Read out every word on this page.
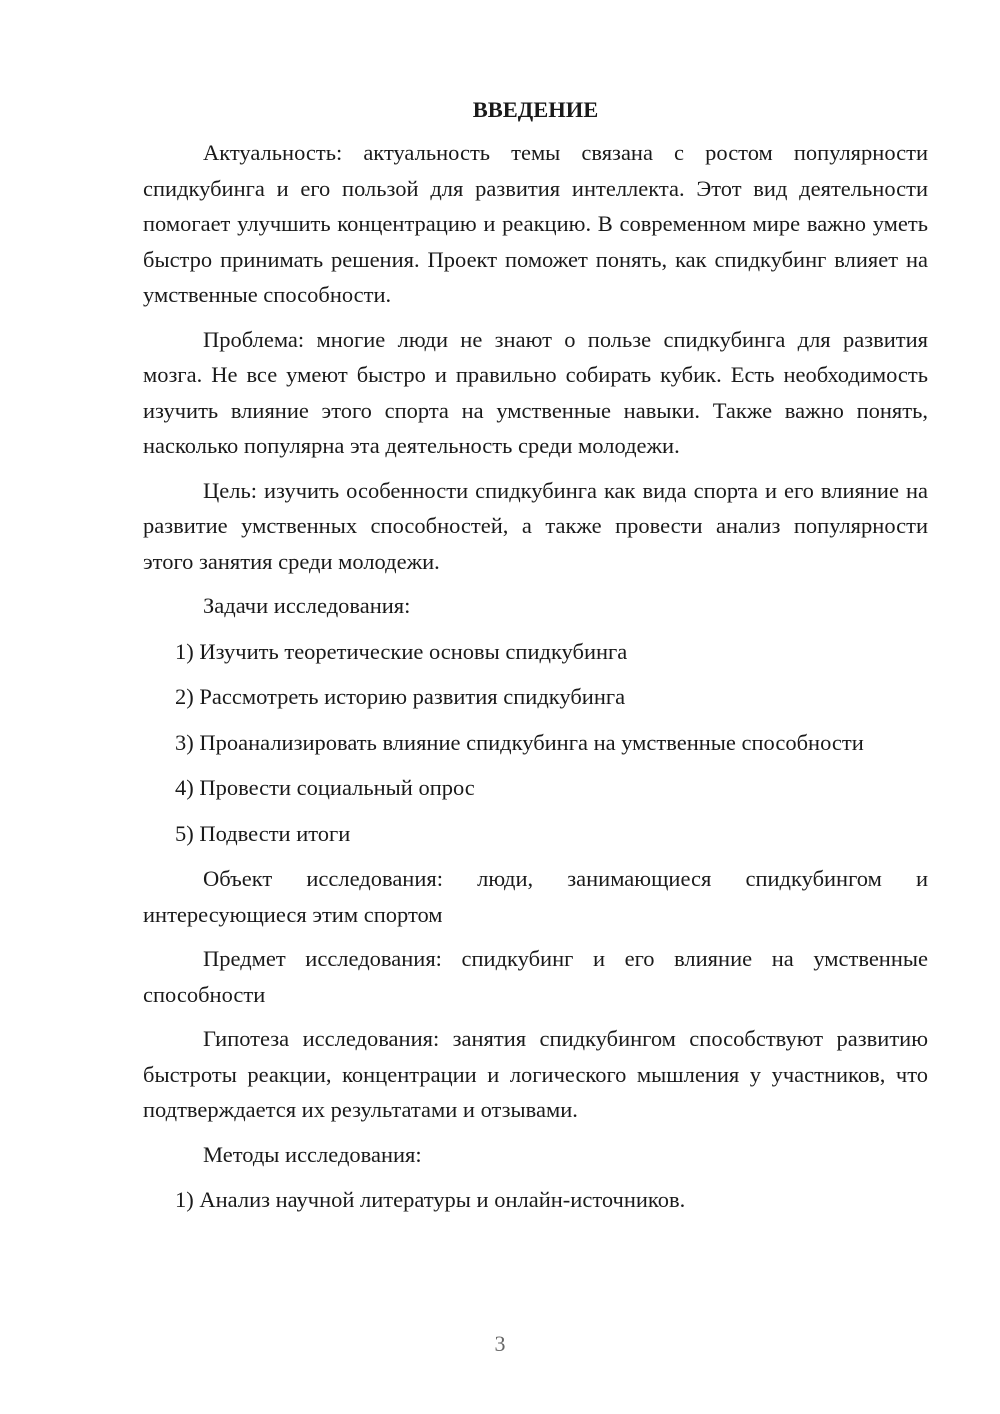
ВВЕДЕНИЕ

Актуальность: актуальность темы связана с ростом популярности спидкубинга и его пользой для развития интеллекта. Этот вид деятельности помогает улучшить концентрацию и реакцию. В современном мире важно уметь быстро принимать решения. Проект поможет понять, как спидкубинг влияет на умственные способности.

Проблема: многие люди не знают о пользе спидкубинга для развития мозга. Не все умеют быстро и правильно собирать кубик. Есть необходимость изучить влияние этого спорта на умственные навыки. Также важно понять, насколько популярна эта деятельность среди молодежи.

Цель: изучить особенности спидкубинга как вида спорта и его влияние на развитие умственных способностей, а также провести анализ популярности этого занятия среди молодежи.

Задачи исследования:

1) Изучить теоретические основы спидкубинга

2) Рассмотреть историю развития спидкубинга

3) Проанализировать влияние спидкубинга на умственные способности

4) Провести социальный опрос

5) Подвести итоги

Объект исследования: люди, занимающиеся спидкубингом и интересующиеся этим спортом

Предмет исследования: спидкубинг и его влияние на умственные способности

Гипотеза исследования: занятия спидкубингом способствуют развитию быстроты реакции, концентрации и логического мышления у участников, что подтверждается их результатами и отзывами.

Методы исследования:

1) Анализ научной литературы и онлайн-источников.

3
